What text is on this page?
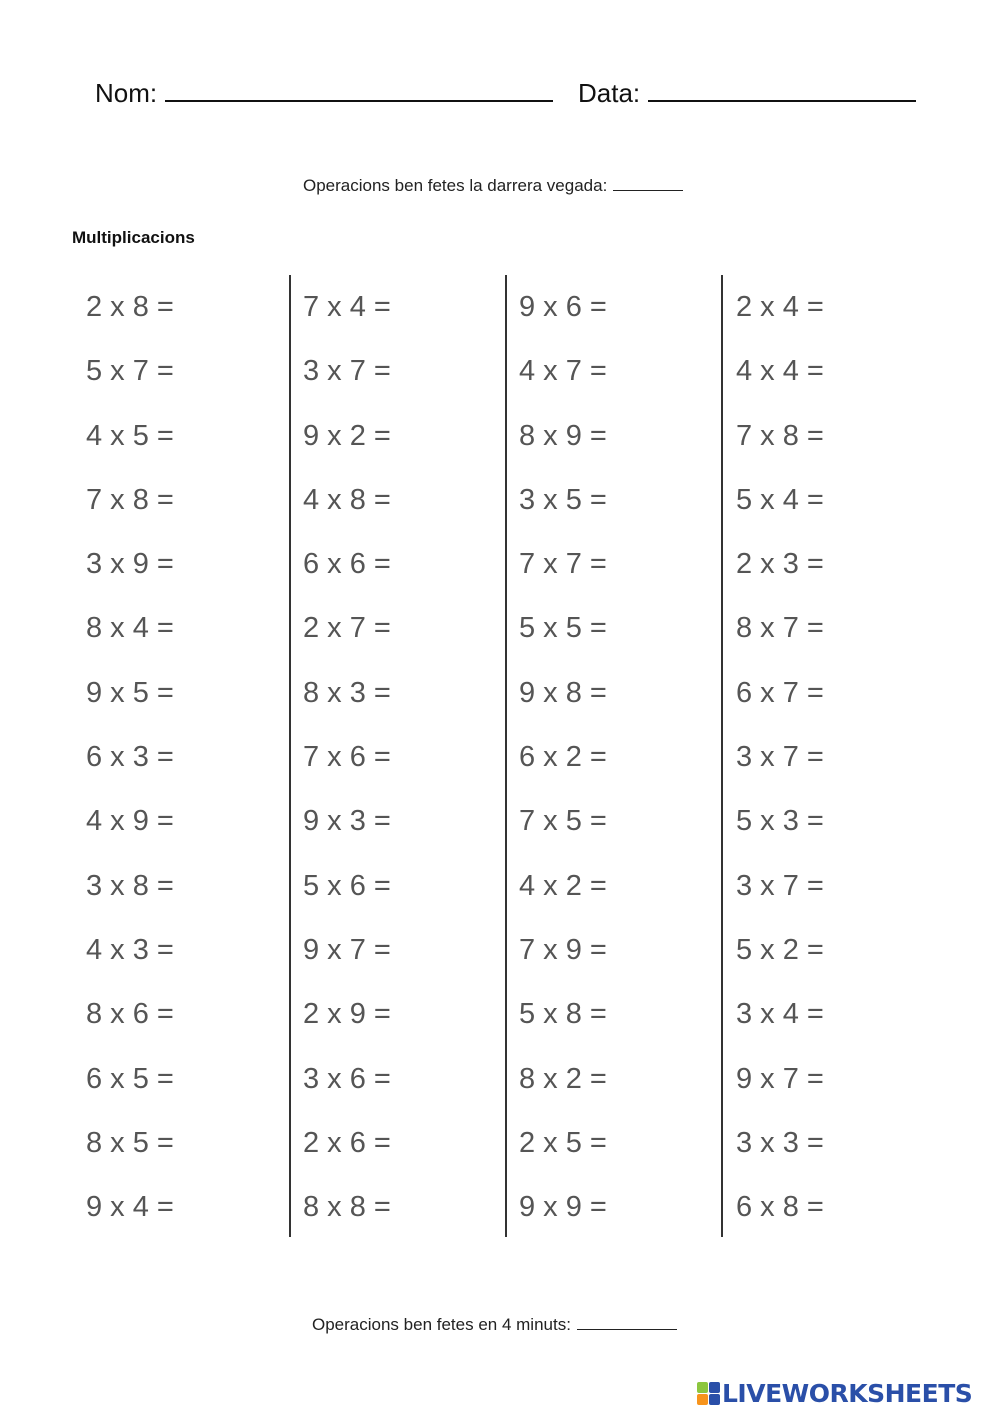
Nom:	Data:
Operacions ben fetes la darrera vegada:
Multiplicacions
2 x 8 =
5 x 7 =
4 x 5 =
7 x 8 =
3 x 9 =
8 x 4 =
9 x 5 =
6 x 3 =
4 x 9 =
3 x 8 =
4 x 3 =
8 x 6 =
6 x 5 =
8 x 5 =
9 x 4 =
7 x 4 =
3 x 7 =
9 x 2 =
4 x 8 =
6 x 6 =
2 x 7 =
8 x 3 =
7 x 6 =
9 x 3 =
5 x 6 =
9 x 7 =
2 x 9 =
3 x 6 =
2 x 6 =
8 x 8 =
9 x 6 =
4 x 7 =
8 x 9 =
3 x 5 =
7 x 7 =
5 x 5 =
9 x 8 =
6 x 2 =
7 x 5 =
4 x 2 =
7 x 9 =
5 x 8 =
8 x 2 =
2 x 5 =
9 x 9 =
2 x 4 =
4 x 4 =
7 x 8 =
5 x 4 =
2 x 3 =
8 x 7 =
6 x 7 =
3 x 7 =
5 x 3 =
3 x 7 =
5 x 2 =
3 x 4 =
9 x 7 =
3 x 3 =
6 x 8 =
Operacions ben fetes en 4 minuts:
LIVEWORKSHEETS
